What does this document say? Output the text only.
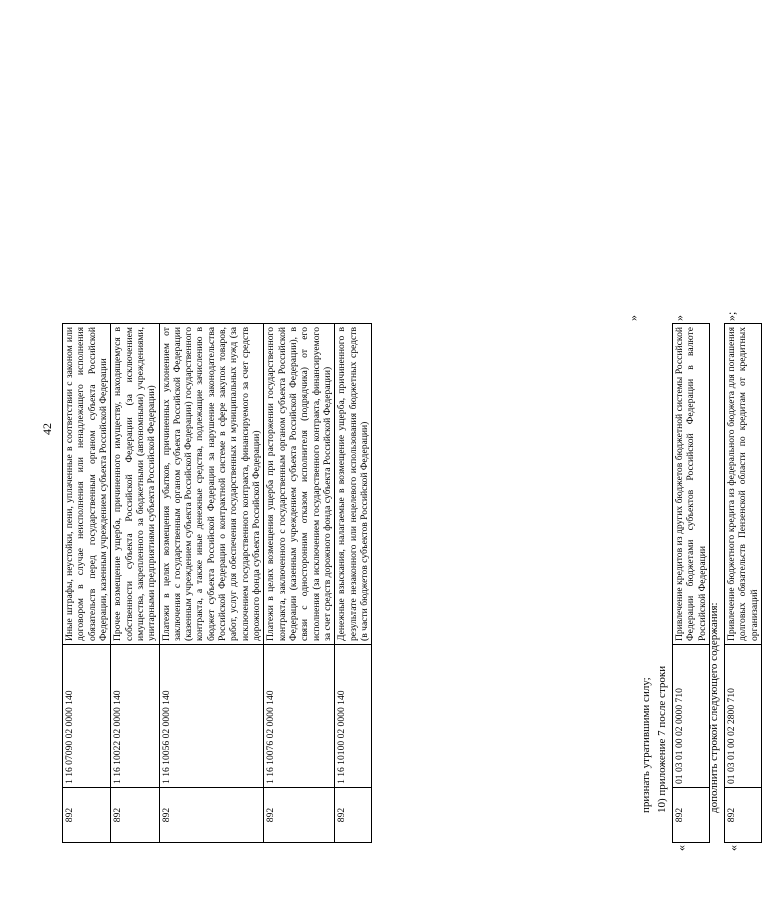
42
892	1 16 07090 02 0000 140	Иные штрафы, неустойки, пени, уплаченные в соответствии с законом или договором в случае неисполнения или ненадлежащего исполнения обязательств перед государственным органом субъекта Российской Федерации, казенным учреждением субъекта Российской Федерации
892	1 16 10022 02 0000 140	Прочее возмещение ущерба, причиненного имуществу, находящемуся в собственности субъекта Российской Федерации (за исключением имущества, закрепленного за бюджетными (автономными) учреждениями, унитарными предприятиями субъекта Российской Федерации)
892	1 16 10056 02 0000 140	Платежи в целях возмещения убытков, причиненных уклонением от заключения с государственным органом субъекта Российской Федерации (казенным учреждением субъекта Российской Федерации) государственного контракта, а также иные денежные средства, подлежащие зачислению в бюджет субъекта Российской Федерации за нарушение законодательства Российской Федерации о контрактной системе в сфере закупок товаров, работ, услуг для обеспечения государственных и муниципальных нужд (за исключением государственного контракта, финансируемого за счет средств дорожного фонда субъекта Российской Федерации)
892	1 16 10076 02 0000 140	Платежи в целях возмещения ущерба при расторжении государственного контракта, заключенного с государственным органом субъекта Российской Федерации (казенным учреждением субъекта Российской Федерации), в связи с односторонним отказом исполнителя (подрядчика) от его исполнения (за исключением государственного контракта, финансируемого за счет средств дорожного фонда субъекта Российской Федерации)
892	1 16 10100 02 0000 140	Денежные взыскания, налагаемые в возмещение ущерба, причиненного в результате незаконного или нецелевого использования бюджетных средств (в части бюджетов субъектов Российской Федерации)
»
признать утратившими силу; 10) приложение 7 после строки
«
892	01 03 01 00 02 0000 710	Привлечение кредитов из других бюджетов бюджетной системы Российской Федерации бюджетами субъектов Российской Федерации в валюте Российской Федерации
»
дополнить строкой следующего содержания:
«
892	01 03 01 00 02 2800 710	Привлечение бюджетного кредита из федерального бюджета для погашения долговых обязательств Пензенской области по кредитам от кредитных организаций
»;
